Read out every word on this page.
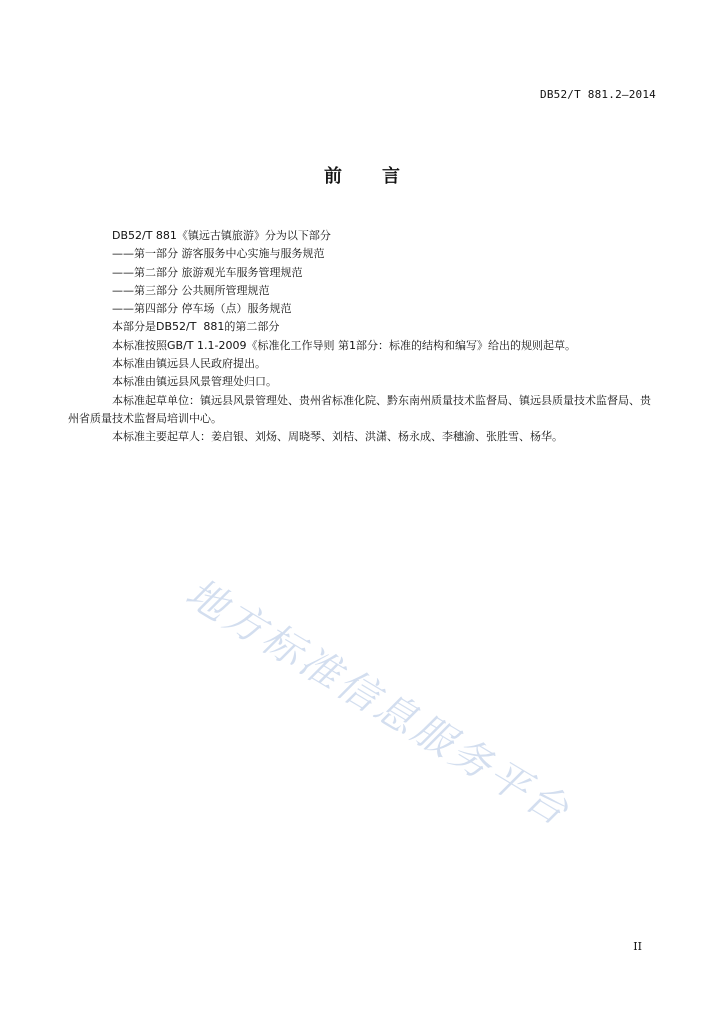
DB52/T 881.2—2014
前言

DB52/T 881《镇远古镇旅游》分为以下部分

——第一部分 游客服务中心实施与服务规范

——第二部分 旅游观光车服务管理规范

——第三部分 公共厕所管理规范

——第四部分 停车场（点）服务规范

本部分是DB52/T  881的第二部分

本标准按照GB/T 1.1-2009《标准化工作导则 第1部分：标准的结构和编写》给出的规则起草。

本标准由镇远县人民政府提出。

本标准由镇远县风景管理处归口。

本标准起草单位：镇远县风景管理处、贵州省标准化院、黔东南州质量技术监督局、镇远县质量技术监督局、贵州省质量技术监督局培训中心。

本标准主要起草人：姜启银、刘炀、周晓琴、刘桔、洪潇、杨永成、李穗渝、张胜雪、杨华。

地方标准信息服务平台
II
